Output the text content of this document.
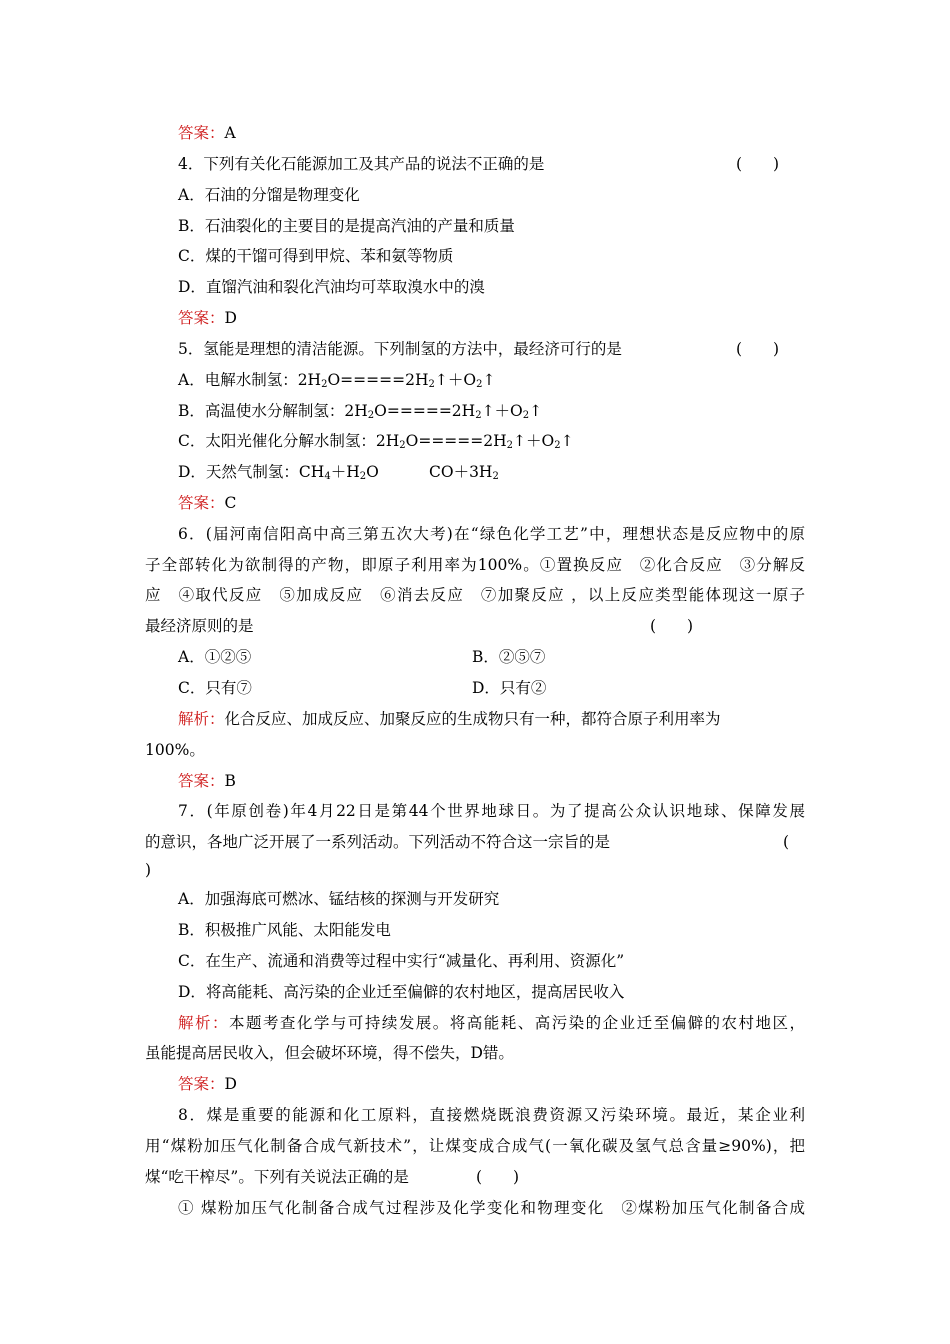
答案：A
4．下列有关化石能源加工及其产品的说法不正确的是	(　　)
A．石油的分馏是物理变化
B．石油裂化的主要目的是提高汽油的产量和质量
C．煤的干馏可得到甲烷、苯和氨等物质
D．直馏汽油和裂化汽油均可萃取溴水中的溴
答案：D
5．氢能是理想的清洁能源。下列制氢的方法中，最经济可行的是	(　　)
A．电解水制氢：$2H_2O=====2H_2↑+O_2↑$
B．高温使水分解制氢：$2H_2O=====2H_2↑+O_2↑$
C．太阳光催化分解水制氢：$2H_2O=====2H_2↑+O_2↑$
D．天然气制氢：$CH_4+H_2O$	$CO+3H_2$
答案：C
6．(届河南信阳高中高三第五次大考)在“绿色化学工艺”中，理想状态是反应物中的原
子全部转化为欲制得的产物，即原子利用率为100%。①置换反应　②化合反应　③分解反
应　④取代反应　⑤加成反应　⑥消去反应　⑦加聚反应 ，以上反应类型能体现这一原子
最经济原则的是	(　　)
A．①②⑤	B．②⑤⑦
C．只有⑦	D．只有②
解析：化合反应、加成反应、加聚反应的生成物只有一种，都符合原子利用率为
100%。
答案：B
7．(年原创卷)年4月22日是第44个世界地球日。为了提高公众认识地球、保障发展
的意识，各地广泛开展了一系列活动。下列活动不符合这一宗旨的是	(
)
A．加强海底可燃冰、锰结核的探测与开发研究
B．积极推广风能、太阳能发电
C．在生产、流通和消费等过程中实行“减量化、再利用、资源化”
D．将高能耗、高污染的企业迁至偏僻的农村地区，提高居民收入
解析：本题考查化学与可持续发展。将高能耗、高污染的企业迁至偏僻的农村地区，
虽能提高居民收入，但会破坏环境，得不偿失，D错。
答案：D
8．煤是重要的能源和化工原料，直接燃烧既浪费资源又污染环境。最近，某企业利
用“煤粉加压气化制备合成气新技术”，让煤变成合成气(一氧化碳及氢气总含量≥90%)，把
煤“吃干榨尽”。下列有关说法正确的是	(　　)
① 煤粉加压气化制备合成气过程涉及化学变化和物理变化　②煤粉加压气化制备合成
